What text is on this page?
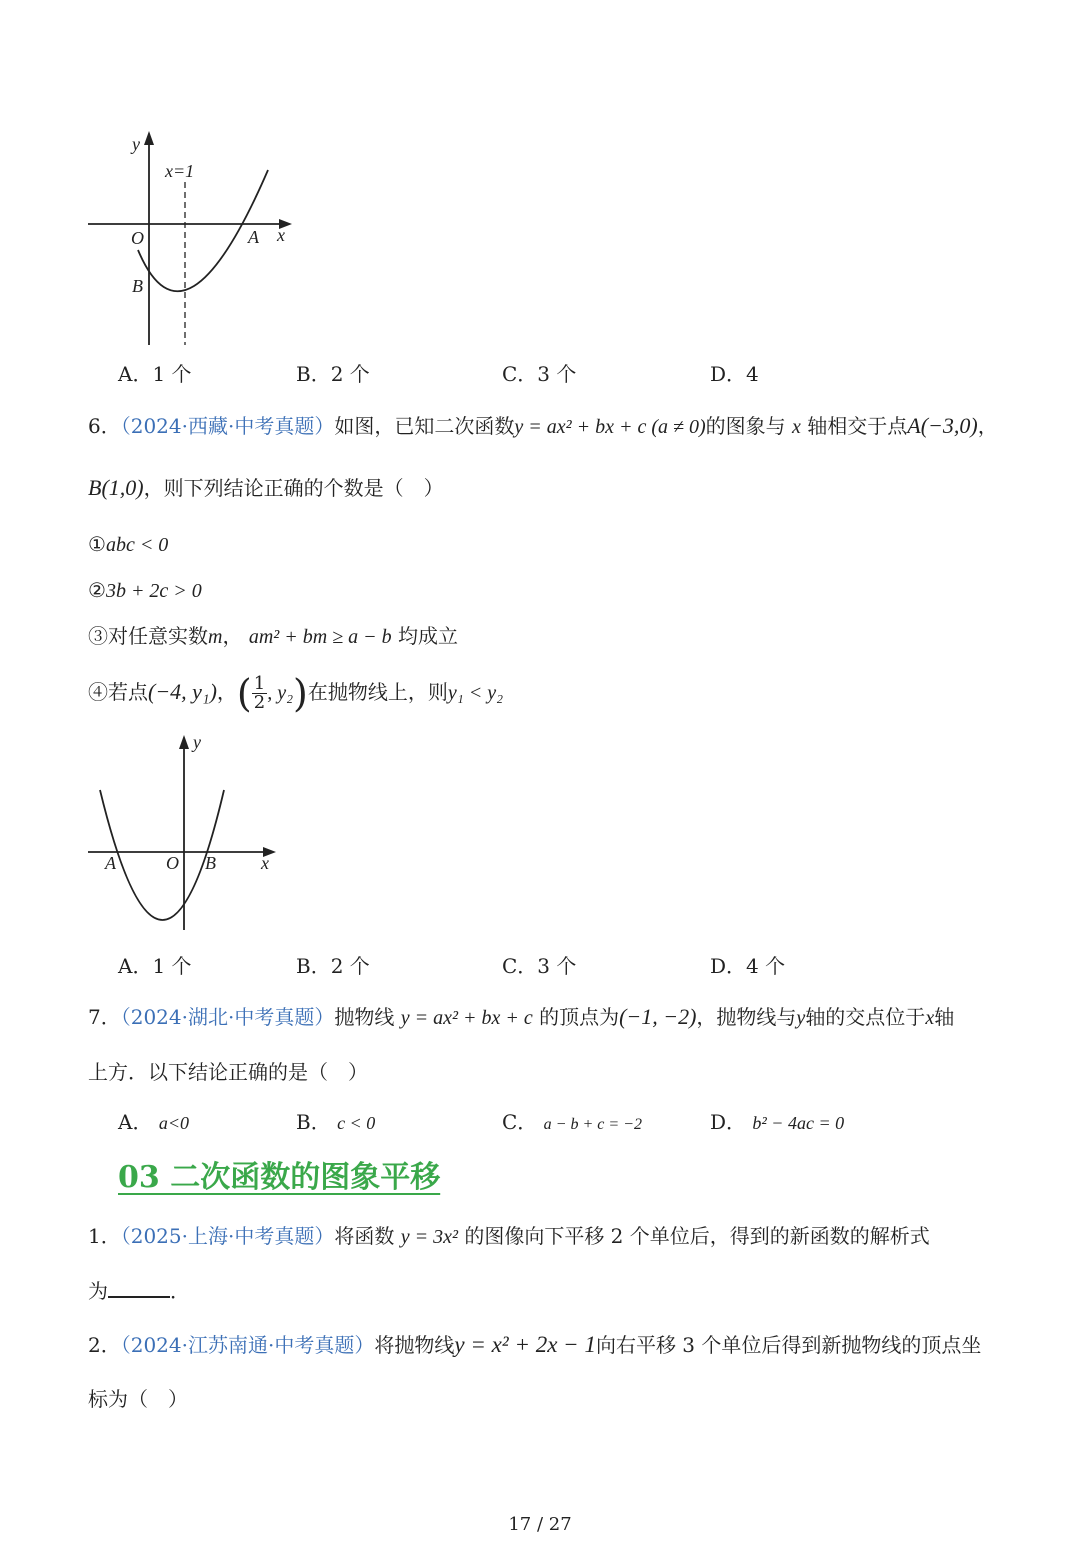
y
x=1
O	A x
B
A．1 个	B．2 个	C．3 个	D．4
6．（2024·西藏·中考真题）如图，已知二次函数y = ax² + bx + c (a ≠ 0)的图象与 x 轴相交于点A(−3,0)，
B(1,0)，则下列结论正确的个数是（　）
①abc < 0
②3b + 2c > 0
③对任意实数m， am² + bm ≥ a − b 均成立
④若点(−4, y₁)，( $\frac{1}{2}$ , y₂)在抛物线上，则y₁ < y₂
y
A	O B	x
A．1 个	B．2 个	C．3 个	D．4 个
7．（2024·湖北·中考真题）抛物线 y = ax² + bx + c 的顶点为(−1, −2)，抛物线与y轴的交点位于x轴
上方．以下结论正确的是（　）
A． a<0	B． c < 0	C． a − b + c = −2	D． b² − 4ac = 0
03 二次函数的图象平移
1．（2025·上海·中考真题）将函数 y = 3x² 的图像向下平移 2 个单位后，得到的新函数的解析式
为	．
2．（2024·江苏南通·中考真题）将抛物线y = x² + 2x − 1向右平移 3 个单位后得到新抛物线的顶点坐
标为（　）
17 / 27
